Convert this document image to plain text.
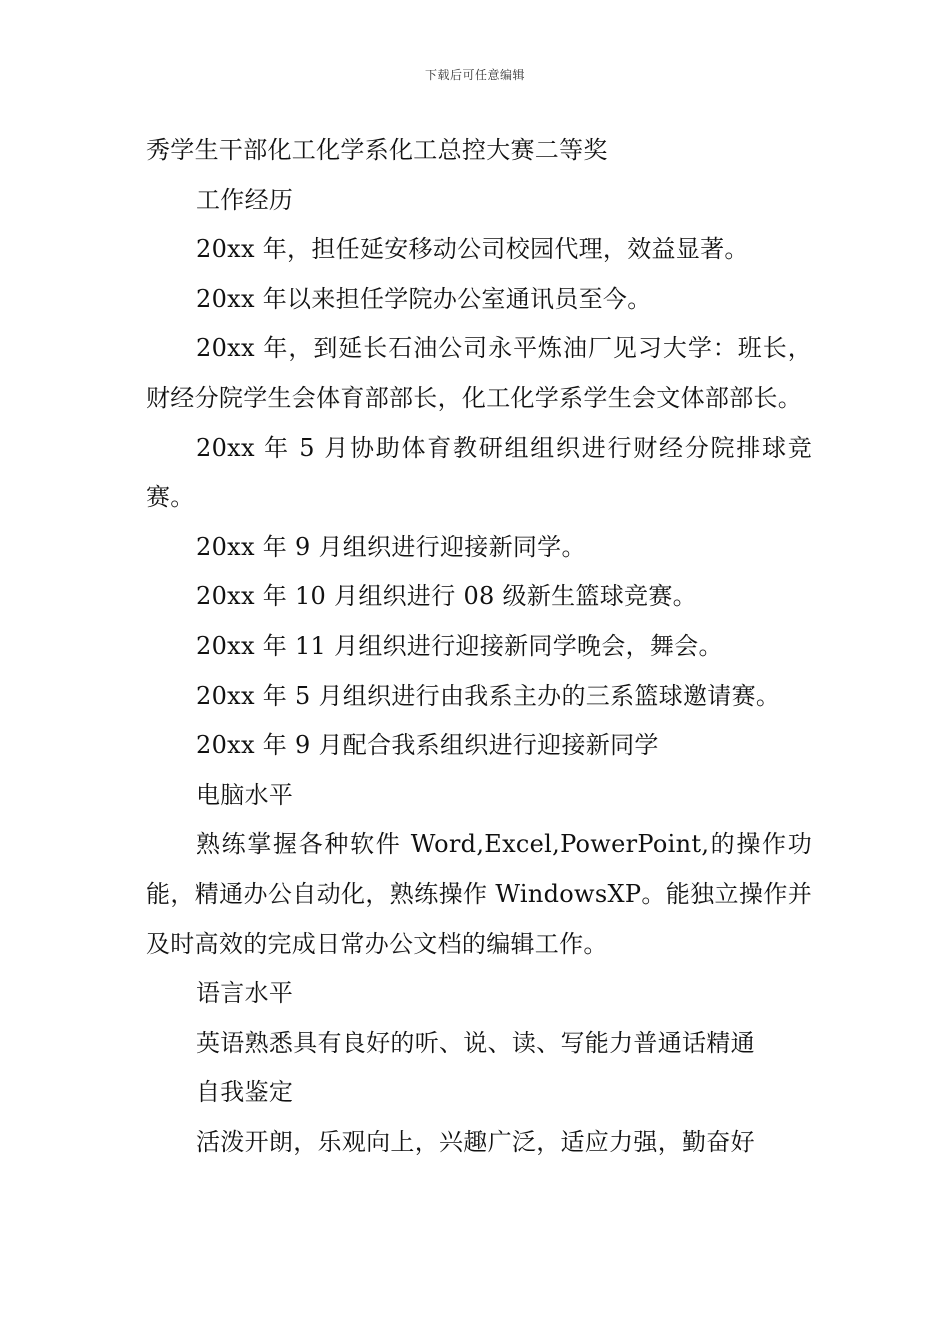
下载后可任意编辑

秀学生干部化工化学系化工总控大赛二等奖

工作经历

20xx 年，担任延安移动公司校园代理，效益显著。

20xx 年以来担任学院办公室通讯员至今。

20xx 年，到延长石油公司永平炼油厂见习大学：班长，财经分院学生会体育部部长，化工化学系学生会文体部部长。

20xx 年 5 月协助体育教研组组织进行财经分院排球竞赛。

20xx 年 9 月组织进行迎接新同学。

20xx 年 10 月组织进行 08 级新生篮球竞赛。

20xx 年 11 月组织进行迎接新同学晚会，舞会。

20xx 年 5 月组织进行由我系主办的三系篮球邀请赛。

20xx 年 9 月配合我系组织进行迎接新同学

电脑水平

熟练掌握各种软件 Word,Excel,PowerPoint,的操作功能，精通办公自动化，熟练操作 WindowsXP。能独立操作并及时高效的完成日常办公文档的编辑工作。

语言水平

英语熟悉具有良好的听、说、读、写能力普通话精通

自我鉴定

活泼开朗，乐观向上，兴趣广泛，适应力强，勤奋好
